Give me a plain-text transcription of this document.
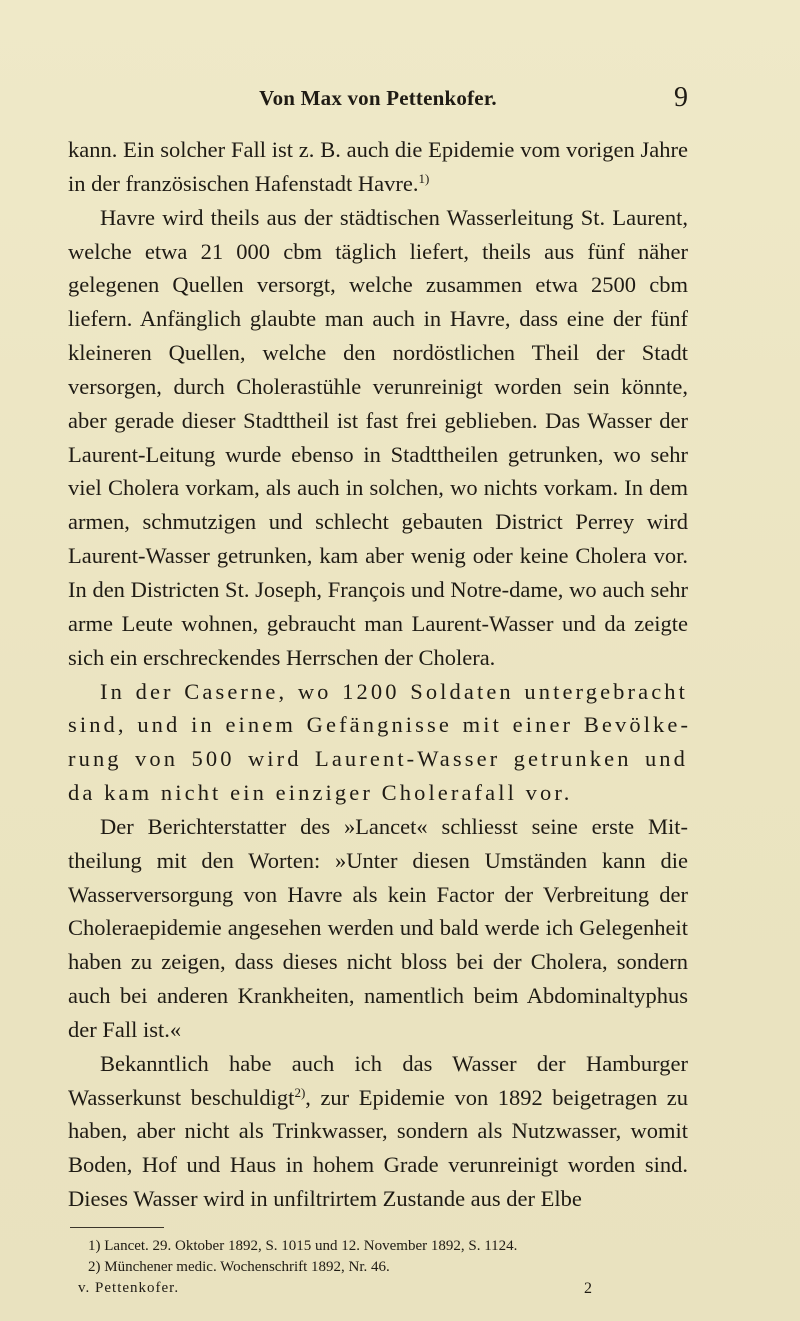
Von Max von Pettenkofer.	9

kann. Ein solcher Fall ist z. B. auch die Epidemie vom vorigen Jahre in der französischen Hafenstadt Havre.$^{1)}$

Havre wird theils aus der städtischen Wasserleitung St. Laurent, welche etwa 21 000 cbm täglich liefert, theils aus fünf näher gelegenen Quellen versorgt, welche zusammen etwa 2500 cbm liefern. Anfänglich glaubte man auch in Havre, dass eine der fünf kleineren Quellen, welche den nordöstlichen Theil der Stadt versorgen, durch Cholerastühle verunreinigt worden sein könnte, aber gerade dieser Stadttheil ist fast frei geblieben. Das Wasser der Laurent-Leitung wurde ebenso in Stadttheilen getrunken, wo sehr viel Cholera vorkam, als auch in solchen, wo nichts vorkam. In dem armen, schmutzigen und schlecht gebauten District Perrey wird Laurent-Wasser getrunken, kam aber wenig oder keine Cholera vor. In den Districten St. Joseph, François und Notre-dame, wo auch sehr arme Leute wohnen, gebraucht man Laurent-Wasser und da zeigte sich ein erschreckendes Herrschen der Cholera.

In der Caserne, wo 1200 Soldaten untergebracht sind, und in einem Gefängnisse mit einer Bevölkerung von 500 wird Laurent-Wasser getrunken und da kam nicht ein einziger Cholerafall vor.

Der Berichterstatter des »Lancet« schliesst seine erste Mittheilung mit den Worten: »Unter diesen Umständen kann die Wasserversorgung von Havre als kein Factor der Verbreitung der Choleraepidemie angesehen werden und bald werde ich Gelegenheit haben zu zeigen, dass dieses nicht bloss bei der Cholera, sondern auch bei anderen Krankheiten, namentlich beim Abdominaltyphus der Fall ist.«

Bekanntlich habe auch ich das Wasser der Hamburger Wasserkunst beschuldigt$^{2)}$, zur Epidemie von 1892 beigetragen zu haben, aber nicht als Trinkwasser, sondern als Nutzwasser, womit Boden, Hof und Haus in hohem Grade verunreinigt worden sind. Dieses Wasser wird in unfiltrirtem Zustande aus der Elbe

1) Lancet. 29. Oktober 1892, S. 1015 und 12. November 1892, S. 1124.
2) Münchener medic. Wochenschrift 1892, Nr. 46.
v. Pettenkofer.	2
